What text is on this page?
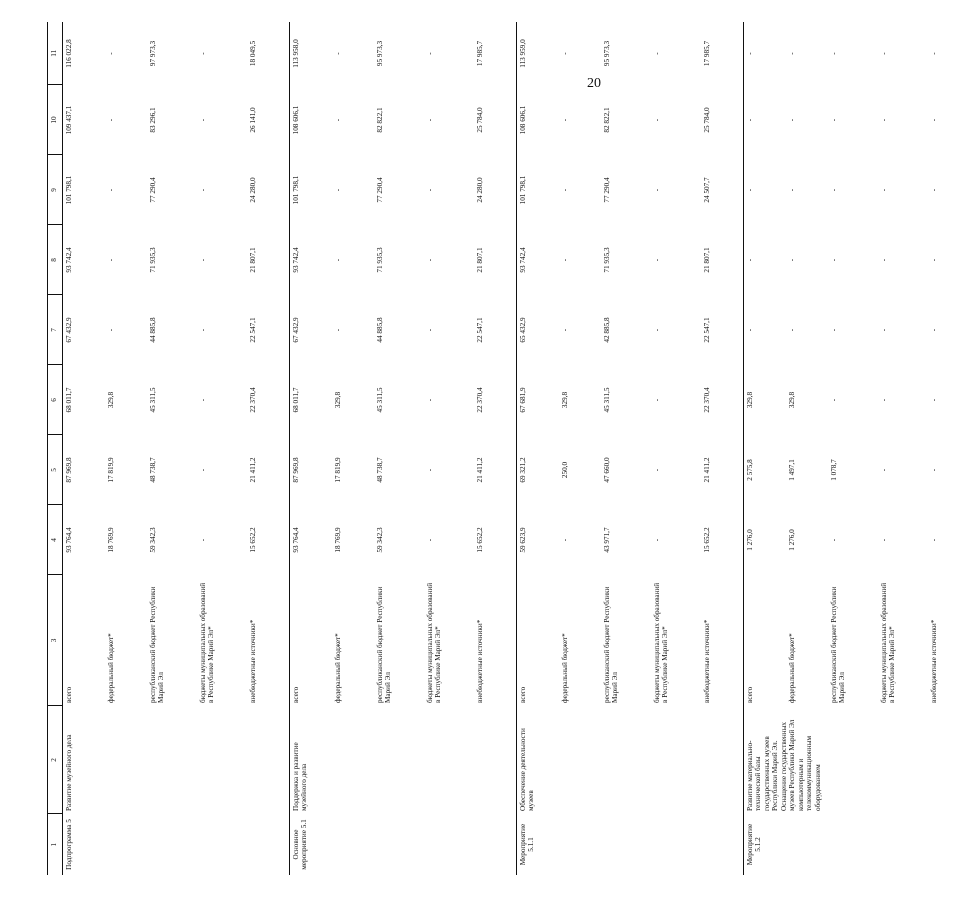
20
1	2	3	4	5	6	7	8	9	10	11
Подпрограмма 5	Развитие музейного дела	всего	93 764,4	87 969,8	68 011,7	67 432,9	93 742,4	101 798,1	109 437,1	116 022,8
		федеральный бюджет*	18 769,9	17 819,9	329,8	-	-	-	-	-
		республиканский бюджет Республики Марий Эл	59 342,3	48 738,7	45 311,5	44 885,8	71 935,3	77 290,4	83 296,1	97 973,3
		бюджеты муниципальных образований в Республике Марий Эл*	-	-	-	-	-	-	-	-
		внебюджетные источники*	15 652,2	21 411,2	22 370,4	22 547,1	21 807,1	24 280,0	26 141,0	18 049,5
Основное мероприятие 5.1	Поддержка и развитие музейного дела	всего	93 764,4	87 969,8	68 011,7	67 432,9	93 742,4	101 798,1	108 606,1	113 958,0
		федеральный бюджет*	18 769,9	17 819,9	329,8	-	-	-	-	-
		республиканский бюджет Республики Марий Эл	59 342,3	48 738,7	45 311,5	44 885,8	71 935,3	77 290,4	82 822,1	95 973,3
		бюджеты муниципальных образований в Республике Марий Эл*	-	-	-	-	-	-	-	-
		внебюджетные источники*	15 652,2	21 411,2	22 370,4	22 547,1	21 807,1	24 280,0	25 784,0	17 985,7
Мероприятие 5.1.1	Обеспечение деятельности музеев	всего	59 623,9	69 321,2	67 681,9	65 432,9	93 742,4	101 798,1	108 606,1	113 959,0
		федеральный бюджет*	-	250,0	329,8	-	-	-	-	-
		республиканский бюджет Республики Марий Эл	43 971,7	47 660,0	45 311,5	42 885,8	71 935,3	77 290,4	82 822,1	95 973,3
		бюджеты муниципальных образований в Республике Марий Эл*	-	-	-	-	-	-	-	-
		внебюджетные источники*	15 652,2	21 411,2	22 370,4	22 547,1	21 807,1	24 507,7	25 784,0	17 985,7
Мероприятие 5.1.2	Развитие материально-технической базы государственных музеев Республики Марий Эл. Оснащение государственных музеев Республики Марий Эл компьютерным и телекоммуникационным оборудованием	всего	1 276,0	2 575,8	329,8	-	-	-	-	-
		федеральный бюджет*	1 276,0	1 497,1	329,8	-	-	-	-	-
		республиканский бюджет Республики Марий Эл	-	1 078,7	-	-	-	-	-	-
		бюджеты муниципальных образований в Республике Марий Эл*	-	-	-	-	-	-	-	-
		внебюджетные источники*	-	-	-	-	-	-	-	-
